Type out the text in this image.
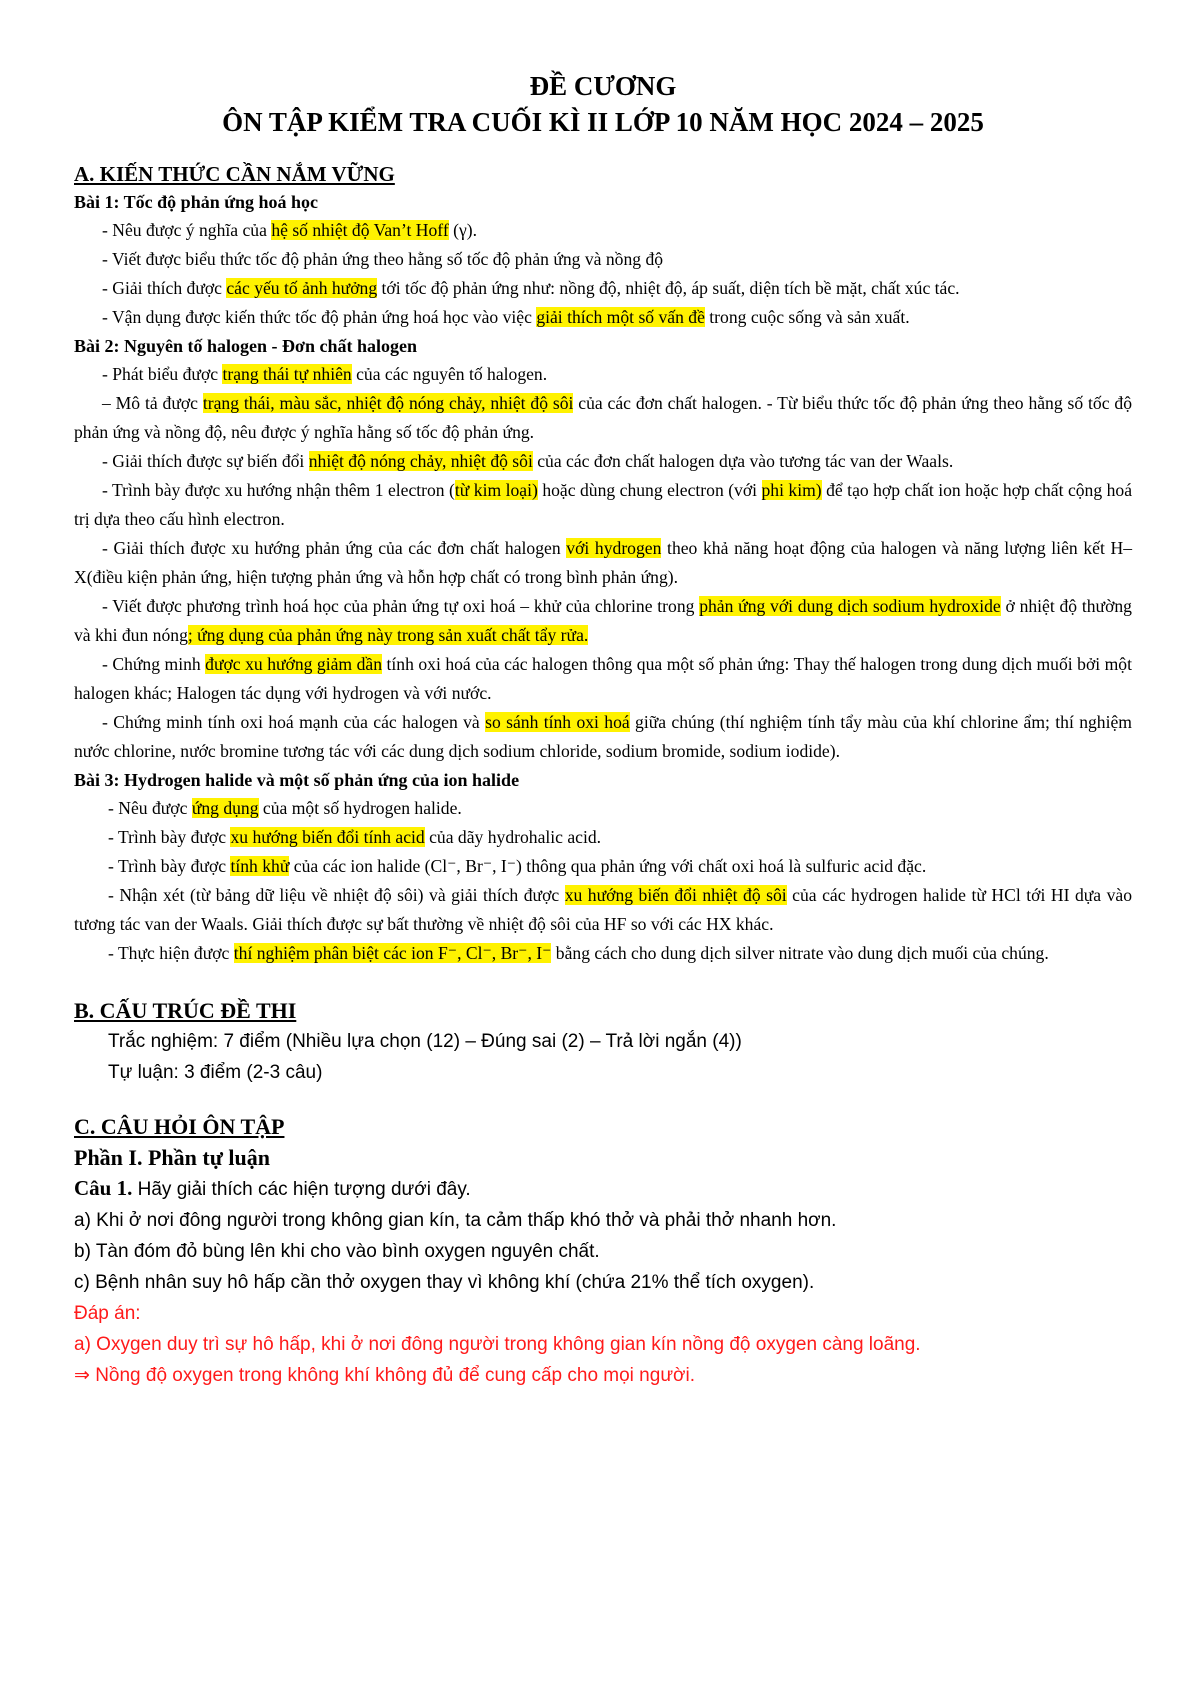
ĐỀ CƯƠNG

ÔN TẬP KIỂM TRA CUỐI KÌ II LỚP 10 NĂM HỌC 2024 – 2025

A. KIẾN THỨC CẦN NẮM VỮNG

Bài 1: Tốc độ phản ứng hoá học

- Nêu được ý nghĩa của hệ số nhiệt độ Van’t Hoff (γ).

- Viết được biểu thức tốc độ phản ứng theo hằng số tốc độ phản ứng và nồng độ

- Giải thích được các yếu tố ảnh hưởng tới tốc độ phản ứng như: nồng độ, nhiệt độ, áp suất, diện tích bề mặt, chất xúc tác.

- Vận dụng được kiến thức tốc độ phản ứng hoá học vào việc giải thích một số vấn đề trong cuộc sống và sản xuất.

Bài 2: Nguyên tố halogen - Đơn chất halogen

- Phát biểu được trạng thái tự nhiên của các nguyên tố halogen.

– Mô tả được trạng thái, màu sắc, nhiệt độ nóng chảy, nhiệt độ sôi của các đơn chất halogen. - Từ biểu thức tốc độ phản ứng theo hằng số tốc độ phản ứng và nồng độ, nêu được ý nghĩa hằng số tốc độ phản ứng.

- Giải thích được sự biến đổi nhiệt độ nóng chảy, nhiệt độ sôi của các đơn chất halogen dựa vào tương tác van der Waals.

- Trình bày được xu hướng nhận thêm 1 electron (từ kim loại) hoặc dùng chung electron (với phi kim) để tạo hợp chất ion hoặc hợp chất cộng hoá trị dựa theo cấu hình electron.

- Giải thích được xu hướng phản ứng của các đơn chất halogen với hydrogen theo khả năng hoạt động của halogen và năng lượng liên kết H–X(điều kiện phản ứng, hiện tượng phản ứng và hỗn hợp chất có trong bình phản ứng).

- Viết được phương trình hoá học của phản ứng tự oxi hoá – khử của chlorine trong phản ứng với dung dịch sodium hydroxide ở nhiệt độ thường và khi đun nóng; ứng dụng của phản ứng này trong sản xuất chất tẩy rửa.

- Chứng minh được xu hướng giảm dần tính oxi hoá của các halogen thông qua một số phản ứng: Thay thế halogen trong dung dịch muối bởi một halogen khác; Halogen tác dụng với hydrogen và với nước.

- Chứng minh tính oxi hoá mạnh của các halogen và so sánh tính oxi hoá giữa chúng (thí nghiệm tính tẩy màu của khí chlorine ẩm; thí nghiệm nước chlorine, nước bromine tương tác với các dung dịch sodium chloride, sodium bromide, sodium iodide).

Bài 3: Hydrogen halide và một số phản ứng của ion halide

- Nêu được ứng dụng của một số hydrogen halide.

- Trình bày được xu hướng biến đổi tính acid của dãy hydrohalic acid.

- Trình bày được tính khử của các ion halide (Cl⁻, Br⁻, I⁻) thông qua phản ứng với chất oxi hoá là sulfuric acid đặc.

- Nhận xét (từ bảng dữ liệu về nhiệt độ sôi) và giải thích được xu hướng biến đổi nhiệt độ sôi của các hydrogen halide từ HCl tới HI dựa vào tương tác van der Waals. Giải thích được sự bất thường về nhiệt độ sôi của HF so với các HX khác.

- Thực hiện được thí nghiệm phân biệt các ion F⁻, Cl⁻, Br⁻, I⁻ bằng cách cho dung dịch silver nitrate vào dung dịch muối của chúng.

B. CẤU TRÚC ĐỀ THI

Trắc nghiệm: 7 điểm (Nhiều lựa chọn (12) – Đúng sai (2) – Trả lời ngắn (4))

Tự luận: 3 điểm (2-3 câu)

C. CÂU HỎI ÔN TẬP

Phần I. Phần tự luận

Câu 1. Hãy giải thích các hiện tượng dưới đây.

a) Khi ở nơi đông người trong không gian kín, ta cảm thấp khó thở và phải thở nhanh hơn.

b) Tàn đóm đỏ bùng lên khi cho vào bình oxygen nguyên chất.

c) Bệnh nhân suy hô hấp cần thở oxygen thay vì không khí (chứa 21% thể tích oxygen).

Đáp án:

a) Oxygen duy trì sự hô hấp, khi ở nơi đông người trong không gian kín nồng độ oxygen càng loãng.

⇒ Nồng độ oxygen trong không khí không đủ để cung cấp cho mọi người.
